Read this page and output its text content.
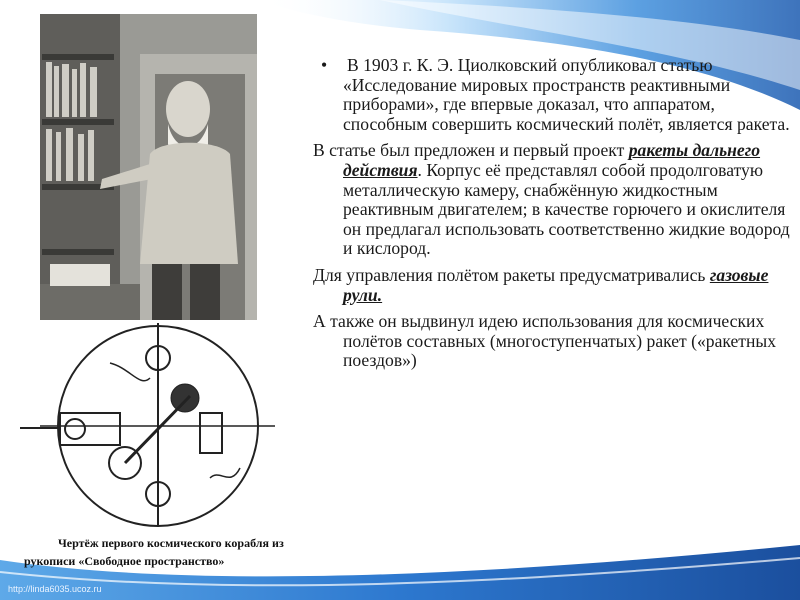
• В 1903 г. К. Э. Циолковский опубликовал статью «Исследование мировых пространств реактивными приборами», где впервые доказал, что аппаратом, способным совершить космический полёт, является ракета.

В статье был предложен и первый проект ракеты дальнего действия. Корпус её представлял собой продолговатую металлическую камеру, снабжённую жидкостным реактивным двигателем; в качестве горючего и окислителя он предлагал использовать соответственно жидкие водород и кислород.

Для управления полётом ракеты предусматривались газовые рули.

А также он выдвинул идею использования для космических полётов составных (многоступенчатых) ракет («ракетных поездов»)

Чертёж первого космического корабля из
рукописи «Свободное пространство»
http://linda6035.ucoz.ru
